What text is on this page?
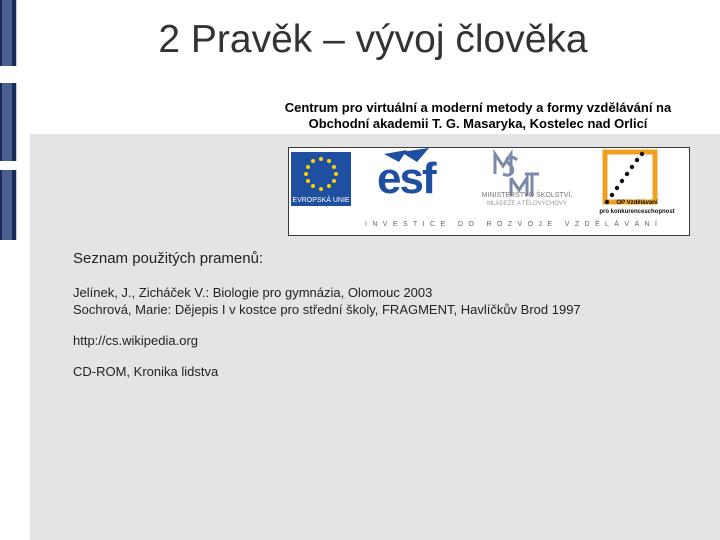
2 Pravěk – vývoj člověka
Centrum pro virtuální a moderní metody a formy vzdělávání na
Obchodní akademii T. G. Masaryka, Kostelec nad Orlicí
EVROPSKÁ UNIE esf	MINISTERSTVO ŠKOLSTVÍ,
MLÁDEŽE A TĚLOVÝCHOVY	OP Vzdělávání
pro konkurenceschopnost
INVESTICE DO ROZVOJE VZDĚLÁVÁNÍ
Seznam použitých pramenů:
Jelínek, J., Zicháček V.: Biologie pro gymnázia, Olomouc 2003
Sochrová, Marie: Dějepis I v kostce pro střední školy, FRAGMENT, Havlíčkův Brod 1997
http://cs.wikipedia.org
CD-ROM, Kronika lidstva
